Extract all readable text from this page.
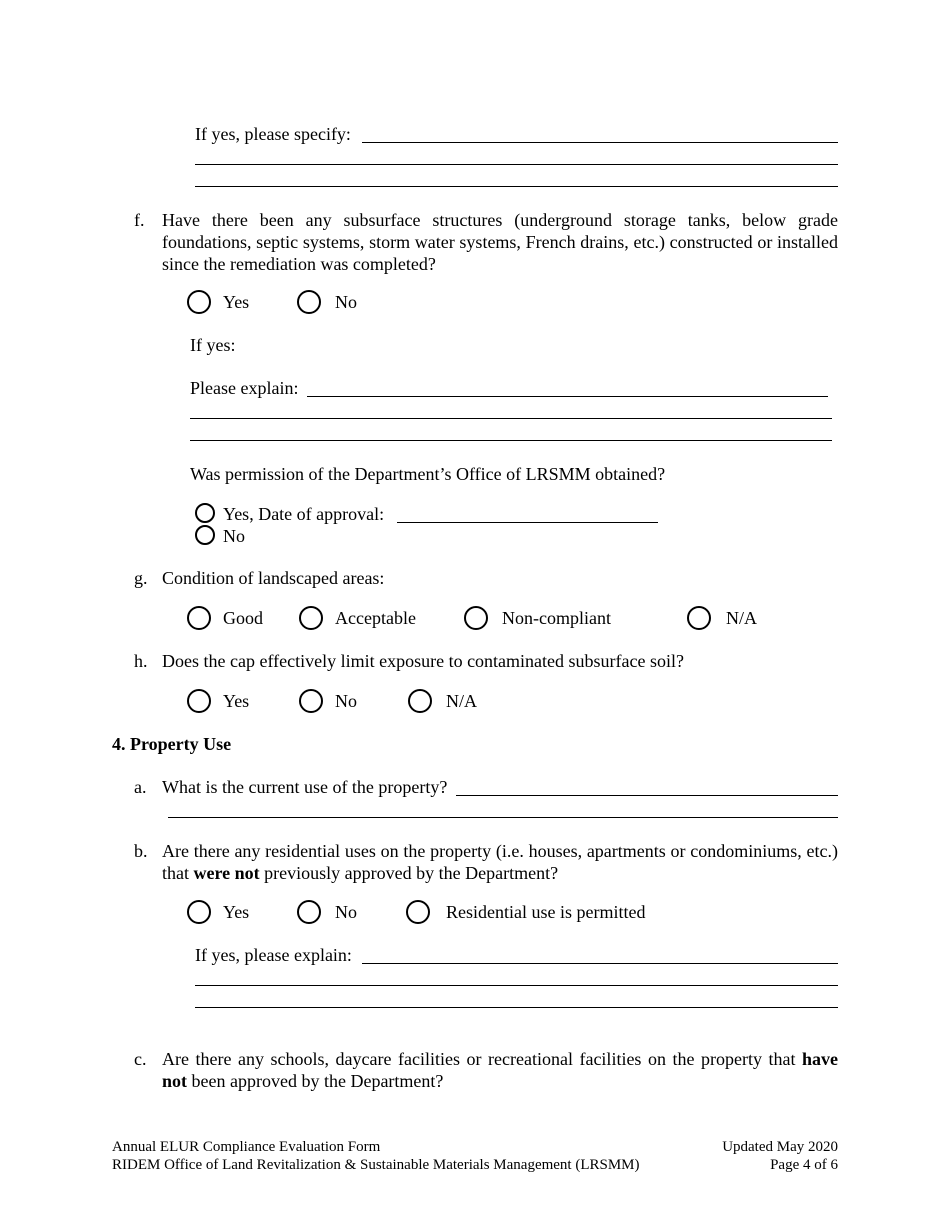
If yes, please specify:
f. Have there been any subsurface structures (underground storage tanks, below grade foundations, septic systems, storm water systems, French drains, etc.) constructed or installed since the remediation was completed?
Yes	No
If yes:
Please explain:
Was permission of the Department’s Office of LRSMM obtained?
Yes, Date of approval:
No
g. Condition of landscaped areas:
Good	Acceptable	Non-compliant	N/A
h. Does the cap effectively limit exposure to contaminated subsurface soil?
Yes	No	N/A
4. Property Use
a. What is the current use of the property?
b. Are there any residential uses on the property (i.e. houses, apartments or condominiums, etc.) that were not previously approved by the Department?
Yes	No	Residential use is permitted
If yes, please explain:
c. Are there any schools, daycare facilities or recreational facilities on the property that have not been approved by the Department?
Annual ELUR Compliance Evaluation Form
RIDEM Office of Land Revitalization & Sustainable Materials Management (LRSMM)
Updated May 2020
Page 4 of 6
